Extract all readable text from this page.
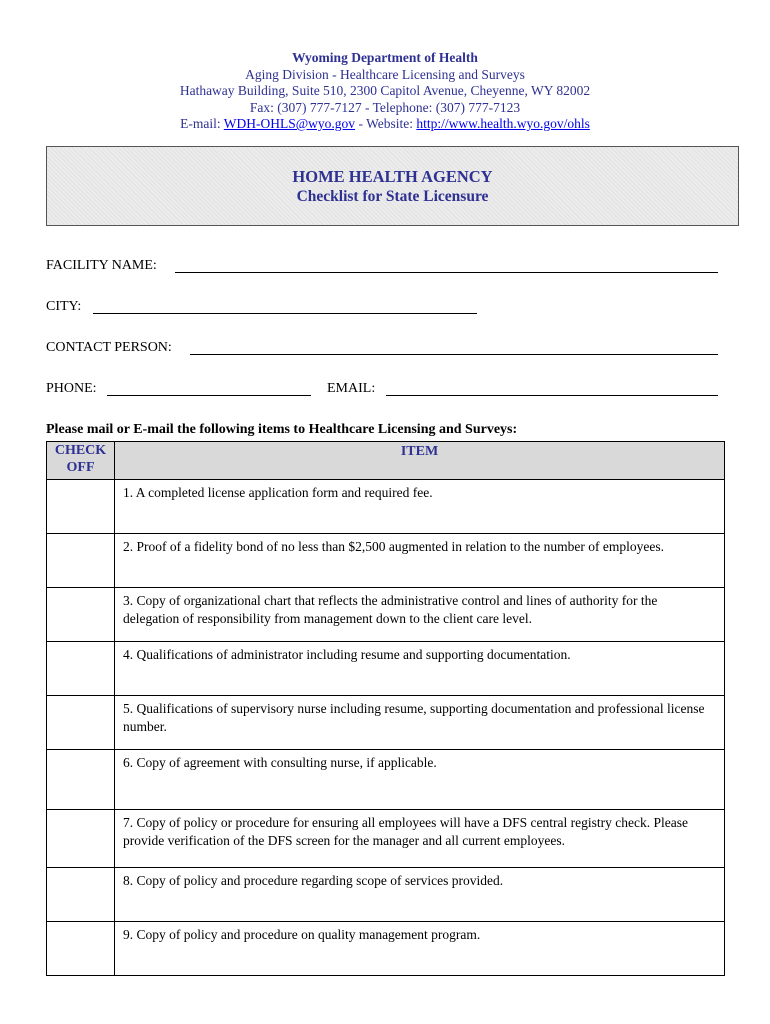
Wyoming Department of Health
Aging Division - Healthcare Licensing and Surveys
Hathaway Building, Suite 510, 2300 Capitol Avenue, Cheyenne, WY 82002
Fax: (307) 777-7127 - Telephone: (307) 777-7123
E-mail: WDH-OHLS@wyo.gov - Website: http://www.health.wyo.gov/ohls
HOME HEALTH AGENCY
Checklist for State Licensure
FACILITY NAME:
CITY:
CONTACT PERSON:
PHONE:	EMAIL:
Please mail or E-mail the following items to Healthcare Licensing and Surveys:
CHECK OFF	ITEM
	1. A completed license application form and required fee.
	2. Proof of a fidelity bond of no less than $2,500 augmented in relation to the number of employees.
	3. Copy of organizational chart that reflects the administrative control and lines of authority for the delegation of responsibility from management down to the client care level.
	4. Qualifications of administrator including resume and supporting documentation.
	5. Qualifications of supervisory nurse including resume, supporting documentation and professional license number.
	6. Copy of agreement with consulting nurse, if applicable.
	7. Copy of policy or procedure for ensuring all employees will have a DFS central registry check. Please provide verification of the DFS screen for the manager and all current employees.
	8. Copy of policy and procedure regarding scope of services provided.
	9. Copy of policy and procedure on quality management program.
